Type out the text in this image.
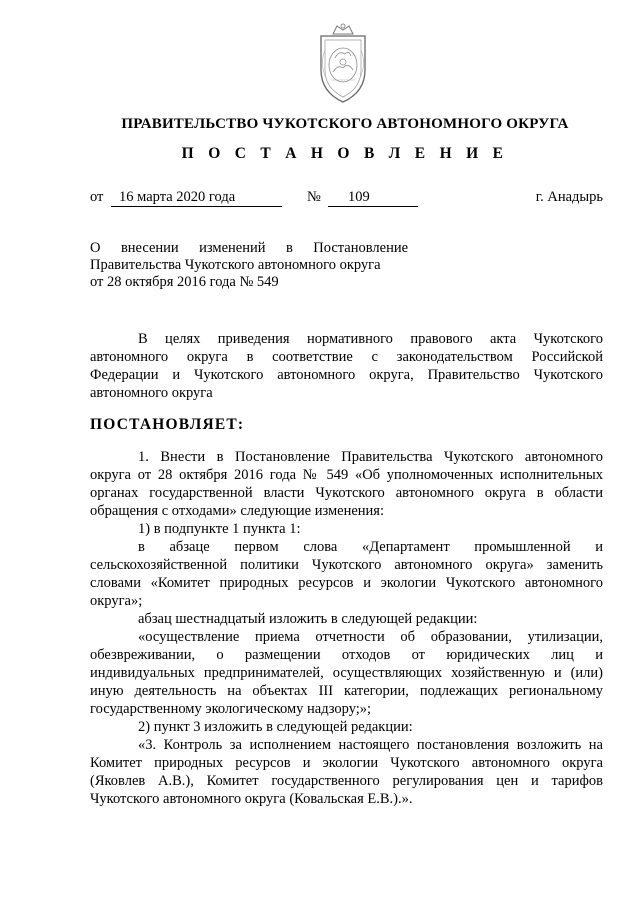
ПРАВИТЕЛЬСТВО ЧУКОТСКОГО АВТОНОМНОГО ОКРУГА
П О С Т А Н О В Л Е Н И Е
от	16 марта 2020 года	№	109	г. Анадырь
О внесении изменений в Постановление
Правительства Чукотского автономного округа
от 28 октября 2016 года № 549
В целях приведения нормативного правового акта Чукотского
автономного округа в соответствие с законодательством Российской
Федерации и Чукотского автономного округа, Правительство Чукотского
автономного округа
ПОСТАНОВЛЯЕТ:
1. Внести в Постановление Правительства Чукотского автономного
округа от 28 октября 2016 года № 549 «Об уполномоченных исполнительных
органах государственной власти Чукотского автономного округа в области
обращения с отходами» следующие изменения:
1) в подпункте 1 пункта 1:
в абзаце первом слова «Департамент промышленной и
сельскохозяйственной политики Чукотского автономного округа» заменить
словами «Комитет природных ресурсов и экологии Чукотского автономного
округа»;
абзац шестнадцатый изложить в следующей редакции:
«осуществление приема отчетности об образовании, утилизации,
обезвреживании, о размещении отходов от юридических лиц и
индивидуальных предпринимателей, осуществляющих хозяйственную и (или)
иную деятельность на объектах III категории, подлежащих региональному
государственному экологическому надзору;»;
2) пункт 3 изложить в следующей редакции:
«3. Контроль за исполнением настоящего постановления возложить на
Комитет природных ресурсов и экологии Чукотского автономного округа
(Яковлев А.В.), Комитет государственного регулирования цен и тарифов
Чукотского автономного округа (Ковальская Е.В.).».
